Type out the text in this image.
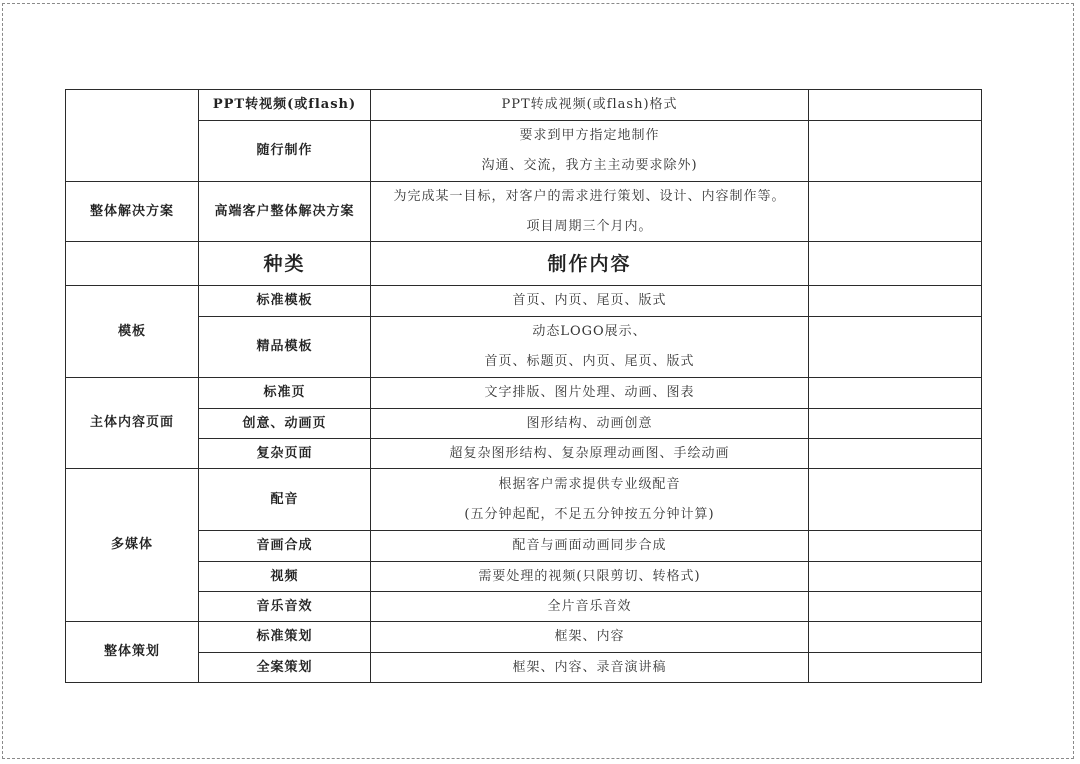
	PPT转视频(或flash)	PPT转成视频(或flash)格式	
	随行制作	要求到甲方指定地制作
沟通、交流，我方主主动要求除外)	

整体解决方案	高端客户整体解决方案	为完成某一目标，对客户的需求进行策划、设计、内容制作等。
项目周期三个月内。	

	种类	制作内容	
模板	标准模板	首页、内页、尾页、版式	
	精品模板	动态LOGO展示、
首页、标题页、内页、尾页、版式	

主体内容页面	标准页	文字排版、图片处理、动画、图表	
	创意、动画页	图形结构、动画创意	
	复杂页面	超复杂图形结构、复杂原理动画图、手绘动画	
多媒体	配音	根据客户需求提供专业级配音
(五分钟起配，不足五分钟按五分钟计算)	

	音画合成	配音与画面动画同步合成	
	视频	需要处理的视频(只限剪切、转格式)	
	音乐音效	全片音乐音效	
整体策划	标准策划	框架、内容	
	全案策划	框架、内容、录音演讲稿	
